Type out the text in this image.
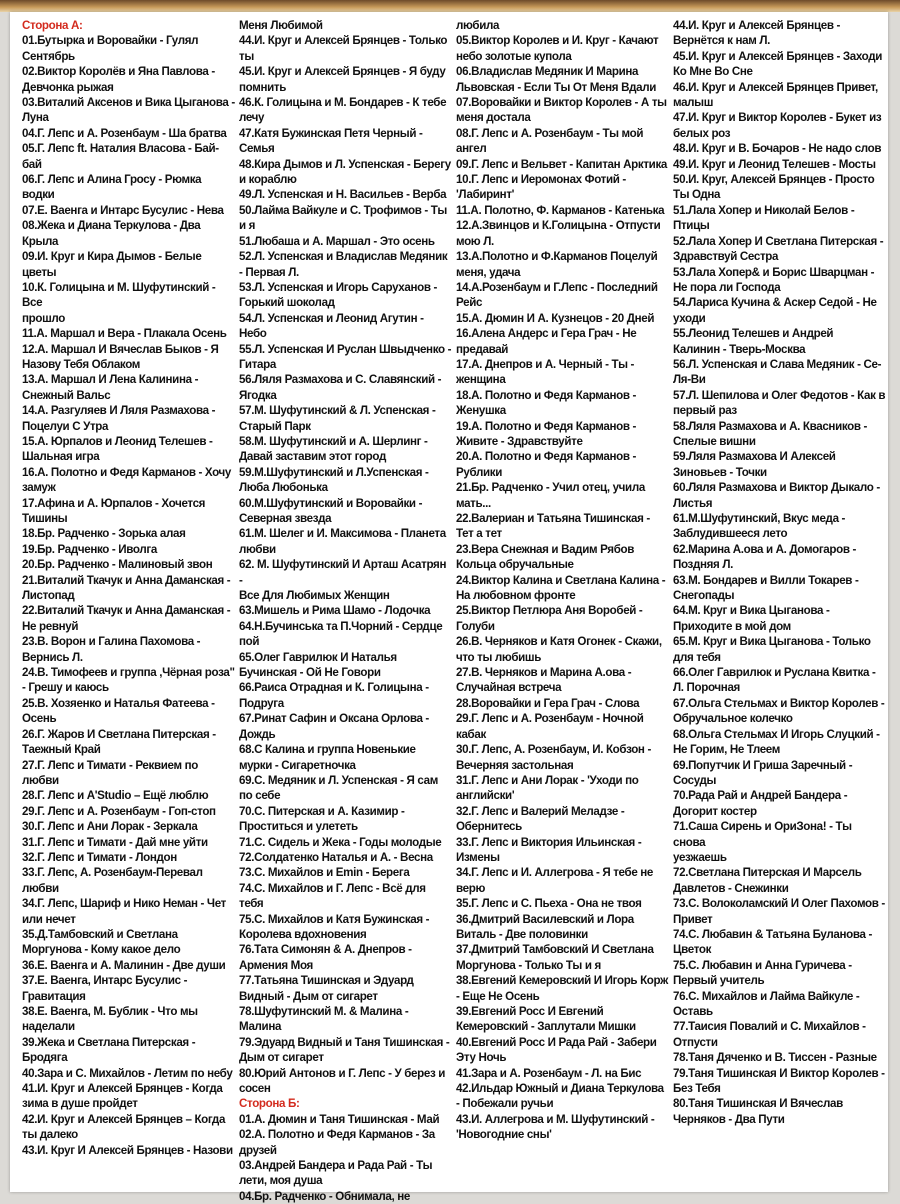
Сторона А:
01.Бутырка и Воровайки - Гулял
Сентябрь
02.Виктор Королёв и Яна Павлова -
Девчонка рыжая
03.Виталий Аксенов и Вика Цыганова -
Луна
04.Г. Лепс и А. Розенбаум - Ша братва
05.Г. Лепс ft. Наталия Власова - Бай-
бай
06.Г. Лепс и Алина Гросу - Рюмка
водки
07.Е. Ваенга и Интарс Бусулис - Нева
08.Жека и Диана Теркулова - Два
Крыла
09.И. Круг и Кира Дымов - Белые
цветы
10.К. Голицына и М. Шуфутинский - Все
прошло
11.А. Маршал и Вера - Плакала Осень
12.А. Маршал И Вячеслав Быков - Я
Назову Тебя Облаком
13.А. Маршал И Лена Калинина -
Снежный Вальс
14.А. Разгуляев И Ляля Размахова -
Поцелуи С Утра
15.А. Юрпалов и Леонид Телешев -
Шальная игра
16.А. Полотно и Федя Карманов - Хочу
замуж
17.Афина и А. Юрпалов - Хочется
Тишины
18.Бр. Радченко - Зорька алая
19.Бр. Радченко - Иволга
20.Бр. Радченко - Малиновый звон
21.Виталий Ткачук и Анна Даманская -
Листопад
22.Виталий Ткачук и Анна Даманская -
Не ревнуй
23.В. Ворон и Галина Пахомова -
Вернись Л.
24.В. Тимофеев и группа ,Чёрная роза"
- Грешу и каюсь
25.В. Хозяенко и Наталья Фатеева -
Осень
26.Г. Жаров И Светлана Питерская -
Таежный Край
27.Г. Лепс и Тимати - Реквием по
любви
28.Г. Лепс и A'Studio – Ещё люблю
29.Г. Лепс и А. Розенбаум - Гоп-стоп
30.Г. Лепс и Ани Лорак - Зеркала
31.Г. Лепс и Тимати - Дай мне уйти
32.Г. Лепс и Тимати - Лондон
33.Г. Лепс, А. Розенбаум-Перевал
любви
34.Г. Лепс, Шариф и Нико Неман - Чет
или нечет
35.Д.Тамбовский и Светлана
Моргунова - Кому какое дело
36.Е. Ваенга и А. Малинин - Две души
37.Е. Ваенга, Интарс Бусулис -
Гравитация
38.Е. Ваенга, М. Бублик - Что мы
наделали
39.Жека и Светлана Питерская -
Бродяга
40.Зара и С. Михайлов - Летим по небу
41.И. Круг и Алексей Брянцев - Когда
зима в душе пройдет
42.И. Круг и Алексей Брянцев – Когда
ты далеко
43.И. Круг И Алексей Брянцев - Назови
Меня Любимой
44.И. Круг и Алексей Брянцев - Только
ты
45.И. Круг и Алексей Брянцев - Я буду
помнить
46.К. Голицына и М. Бондарев - К тебе
лечу
47.Катя Бужинская Петя Черный -
Семья
48.Кира Дымов и Л. Успенская - Берегу
и кораблю
49.Л. Успенская и Н. Васильев - Верба
50.Лайма Вайкуле и С. Трофимов - Ты
и я
51.Любаша и А. Маршал - Это осень
52.Л. Успенская и Владислав Медяник
- Первая Л.
53.Л. Успенская и Игорь Саруханов -
Горький шоколад
54.Л. Успенская и Леонид Агутин - Небо
55.Л. Успенская И Руслан Швыдченко -
Гитара
56.Ляля Размахова и С. Славянский -
Ягодка
57.М. Шуфутинский & Л. Успенская -
Старый Парк
58.М. Шуфутинский и А. Шерлинг -
Давай заставим этот город
59.М.Шуфутинский и Л.Успенская -
Люба Любонька
60.М.Шуфутинский и Воровайки -
Северная звезда
61.М. Шелег и И. Максимова - Планета
любви
62. М. Шуфутинский И Арташ Асатрян -
Все Для Любимых Женщин
63.Мишель и Рима Шамо - Лодочка
64.Н.Бучинська та П.Чорний - Сердце
пой
65.Олег Гаврилюк И Наталья
Бучинская - Ой Не Говори
66.Раиса Отрадная и К. Голицына -
Подруга
67.Ринат Сафин и Оксана Орлова -
Дождь
68.С Калина и группа Новенькие
мурки - Сигаретночка
69.С. Медяник и Л. Успенская - Я сам
по себе
70.С. Питерская и А. Казимир -
Проститься и улететь
71.С. Сидель и Жека - Годы молодые
72.Солдатенко Наталья и А. - Весна
73.С. Михайлов и Emin - Берега
74.С. Михайлов и Г. Лепс - Всё для тебя
75.С. Михайлов и Катя Бужинская -
Королева вдохновения
76.Тата Симонян & А. Днепров -
Армения Моя
77.Татьяна Тишинская и Эдуард
Видный - Дым от сигарет
78.Шуфутинский М. & Малина - Малина
79.Эдуард Видный и Таня Тишинская -
Дым от сигарет
80.Юрий Антонов и Г. Лепс - У берез и
сосен
Сторона Б:
01.А. Дюмин и Таня Тишинская - Май
02.А. Полотно и Федя Карманов - За
друзей
03.Андрей Бандера и Рада Рай - Ты
лети, моя душа
04.Бр. Радченко - Обнимала, не
любила
05.Виктор Королев и И. Круг - Качают
небо золотые купола
06.Владислав Медяник И Марина
Львовская - Если Ты От Меня Вдали
07.Воровайки и Виктор Королев - А ты
меня достала
08.Г. Лепс и А. Розенбаум - Ты мой
ангел
09.Г. Лепс и Вельвет - Капитан Арктика
10.Г. Лепс и Иеромонах Фотий -
'Лабиринт'
11.А. Полотно, Ф. Карманов - Катенька
12.А.Звинцов и К.Голицына - Отпусти
мою Л.
13.А.Полотно и Ф.Карманов Поцелуй
меня, удача
14.А.Розенбаум и Г.Лепс - Последний
Рейс
15.А. Дюмин И А. Кузнецов - 20 Дней
16.Алена Андерс и Гера Грач - Не
предавай
17.А. Днепров и А. Черный - Ты -
женщина
18.А. Полотно и Федя Карманов -
Женушка
19.А. Полотно и Федя Карманов -
Живите - Здравствуйте
20.А. Полотно и Федя Карманов -
Рублики
21.Бр. Радченко - Учил отец, учила
мать...
22.Валериан и Татьяна Тишинская -
Тет а тет
23.Вера Снежная и Вадим Рябов
Кольца обручальные
24.Виктор Калина и Светлана Калина -
На любовном фронте
25.Виктор Петлюра Аня Воробей -
Голуби
26.В. Черняков и Катя Огонек - Скажи,
что ты любишь
27.В. Черняков и Марина А.ова -
Случайная встреча
28.Воровайки и Гера Грач - Слова
29.Г. Лепс и А. Розенбаум - Ночной
кабак
30.Г. Лепс, А. Розенбаум, И. Кобзон -
Вечерняя застольная
31.Г. Лепс и Ани Лорак - 'Уходи по
английски'
32.Г. Лепс и Валерий Меладзе -
Обернитесь
33.Г. Лепс и Виктория Ильинская -
Измены
34.Г. Лепс и И. Аллегрова - Я тебе не
верю
35.Г. Лепс и С. Пьеха - Она не твоя
36.Дмитрий Василевский и Лора
Виталь - Две половинки
37.Дмитрий Тамбовский И Светлана
Моргунова - Только Ты и я
38.Евгений Кемеровский И Игорь Корж
- Еще Не Осень
39.Евгений Росс И Евгений
Кемеровский - Заплутали Мишки
40.Евгений Росс И Рада Рай - Забери
Эту Ночь
41.Зара и А. Розенбаум - Л. на Бис
42.Ильдар Южный и Диана Теркулова
- Побежали ручьи
43.И. Аллегрова и М. Шуфутинский -
'Новогодние сны'
44.И. Круг и Алексей Брянцев -
Вернётся к нам Л.
45.И. Круг и Алексей Брянцев - Заходи
Ко Мне Во Сне
46.И. Круг и Алексей Брянцев Привет,
малыш
47.И. Круг и Виктор Королев - Букет из
белых роз
48.И. Круг и В. Бочаров - Не надо слов
49.И. Круг и Леонид Телешев - Мосты
50.И. Круг, Алексей Брянцев - Просто
Ты Одна
51.Лала Хопер и Николай Белов -
Птицы
52.Лала Хопер И Светлана Питерская -
Здравствуй Сестра
53.Лала Хопер& и Борис Шварцман -
Не пора ли Господа
54.Лариса Кучина & Аскер Седой - Не
уходи
55.Леонид Телешев и Андрей
Калинин - Тверь-Москва
56.Л. Успенская и Слава Медяник - Се-
Ля-Ви
57.Л. Шепилова и Олег Федотов - Как в
первый раз
58.Ляля Размахова и А. Квасников -
Спелые вишни
59.Ляля Размахова И Алексей
Зиновьев - Точки
60.Ляля Размахова и Виктор Дыкало -
Листья
61.М.Шуфутинский, Вкус меда -
Заблудившееся лето
62.Марина А.ова и А. Домогаров -
Поздняя Л.
63.М. Бондарев и Вилли Токарев -
Снегопады
64.М. Круг и Вика Цыганова -
Приходите в мой дом
65.М. Круг и Вика Цыганова - Только
для тебя
66.Олег Гаврилюк и Руслана Квитка -
Л. Порочная
67.Ольга Стельмах и Виктор Королев -
Обручальное колечко
68.Ольга Стельмах И Игорь Слуцкий -
Не Горим, Не Тлеем
69.Попутчик И Гриша Заречный -
Сосуды
70.Рада Рай и Андрей Бандера -
Догорит костер
71.Саша Сирень и ОриЗона! - Ты снова
уезжаешь
72.Светлана Питерская И Марсель
Давлетов - Снежинки
73.С. Волоколамский И Олег Пахомов -
Привет
74.С. Любавин & Татьяна Буланова -
Цветок
75.С. Любавин и Анна Гуричева -
Первый учитель
76.С. Михайлов и Лайма Вайкуле -
Оставь
77.Таисия Повалий и С. Михайлов -
Отпусти
78.Таня Дяченко и В. Тиссен - Разные
79.Таня Тишинская И Виктор Королев -
Без Тебя
80.Таня Тишинская И Вячеслав
Черняков - Два Пути
